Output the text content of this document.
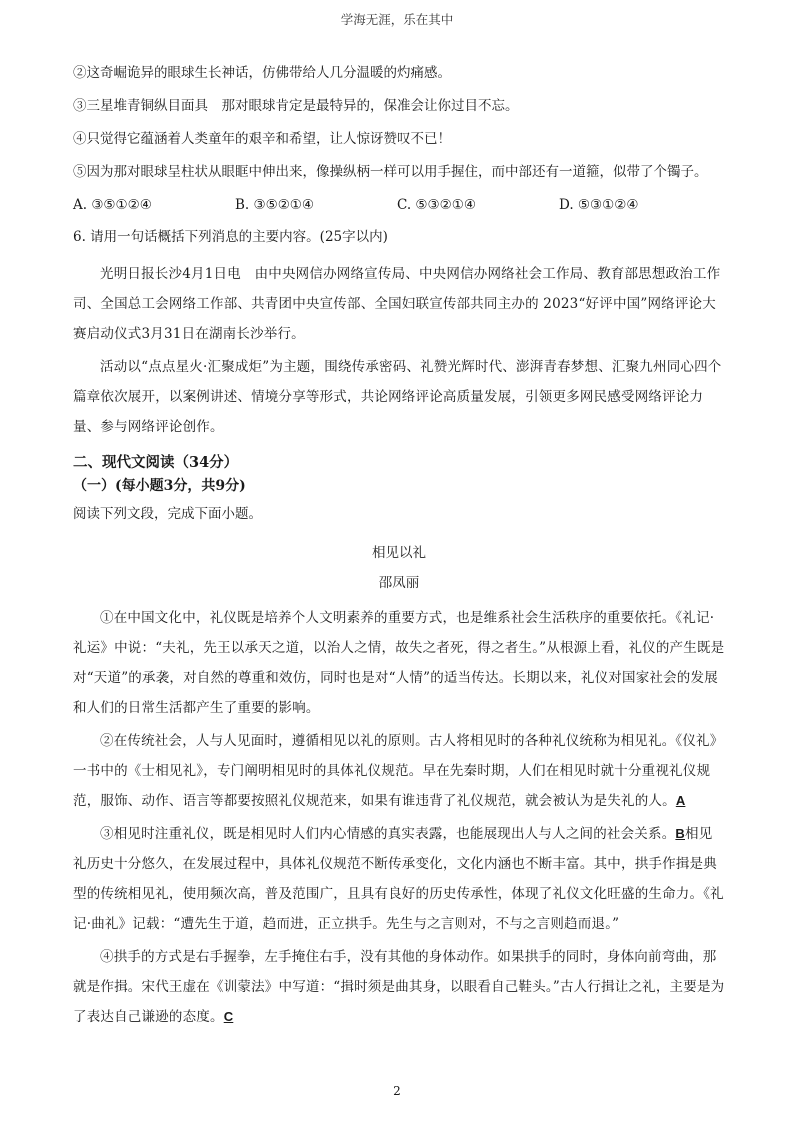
学海无涯，乐在其中
②这奇崛诡异的眼球生长神话，仿佛带给人几分温暖的灼痛感。
③三星堆青铜纵目面具　那对眼球肯定是最特异的，保准会让你过目不忘。
④只觉得它蕴涵着人类童年的艰辛和希望，让人惊讶赞叹不已！
⑤因为那对眼球呈柱状从眼眶中伸出来，像操纵柄一样可以用手握住，而中部还有一道箍，似带了个镯子。
A. ③⑤①②④	B. ③⑤②①④	C. ⑤③②①④	D. ⑤③①②④
6. 请用一句话概括下列消息的主要内容。(25字以内)

光明日报长沙4月1日电　由中央网信办网络宣传局、中央网信办网络社会工作局、教育部思想政治工作司、全国总工会网络工作部、共青团中央宣传部、全国妇联宣传部共同主办的 2023“好评中国”网络评论大赛启动仪式3月31日在湖南长沙举行。

活动以“点点星火·汇聚成炬”为主题，围绕传承密码、礼赞光辉时代、澎湃青春梦想、汇聚九州同心四个篇章依次展开，以案例讲述、情境分享等形式，共论网络评论高质量发展，引领更多网民感受网络评论力量、参与网络评论创作。

二、现代文阅读（34分）
（一）(每小题3分，共9分)
阅读下列文段，完成下面小题。
相见以礼
邵凤丽

①在中国文化中，礼仪既是培养个人文明素养的重要方式，也是维系社会生活秩序的重要依托。《礼记·礼运》中说：“夫礼，先王以承天之道，以治人之情，故失之者死，得之者生。”从根源上看，礼仪的产生既是对“天道”的承袭，对自然的尊重和效仿，同时也是对“人情”的适当传达。长期以来，礼仪对国家社会的发展和人们的日常生活都产生了重要的影响。

②在传统社会，人与人见面时，遵循相见以礼的原则。古人将相见时的各种礼仪统称为相见礼。《仪礼》一书中的《士相见礼》，专门阐明相见时的具体礼仪规范。早在先秦时期，人们在相见时就十分重视礼仪规范，服饰、动作、语言等都要按照礼仪规范来，如果有谁违背了礼仪规范，就会被认为是失礼的人。A

③相见时注重礼仪，既是相见时人们内心情感的真实表露，也能展现出人与人之间的社会关系。B相见礼历史十分悠久，在发展过程中，具体礼仪规范不断传承变化，文化内涵也不断丰富。其中，拱手作揖是典型的传统相见礼，使用频次高，普及范围广，且具有良好的历史传承性，体现了礼仪文化旺盛的生命力。《礼记·曲礼》记载：“遭先生于道，趋而进，正立拱手。先生与之言则对，不与之言则趋而退。”

④拱手的方式是右手握拳，左手掩住右手，没有其他的身体动作。如果拱手的同时，身体向前弯曲，那就是作揖。宋代王虚在《训蒙法》中写道：“揖时须是曲其身，以眼看自己鞋头。”古人行揖让之礼，主要是为了表达自己谦逊的态度。C

2
